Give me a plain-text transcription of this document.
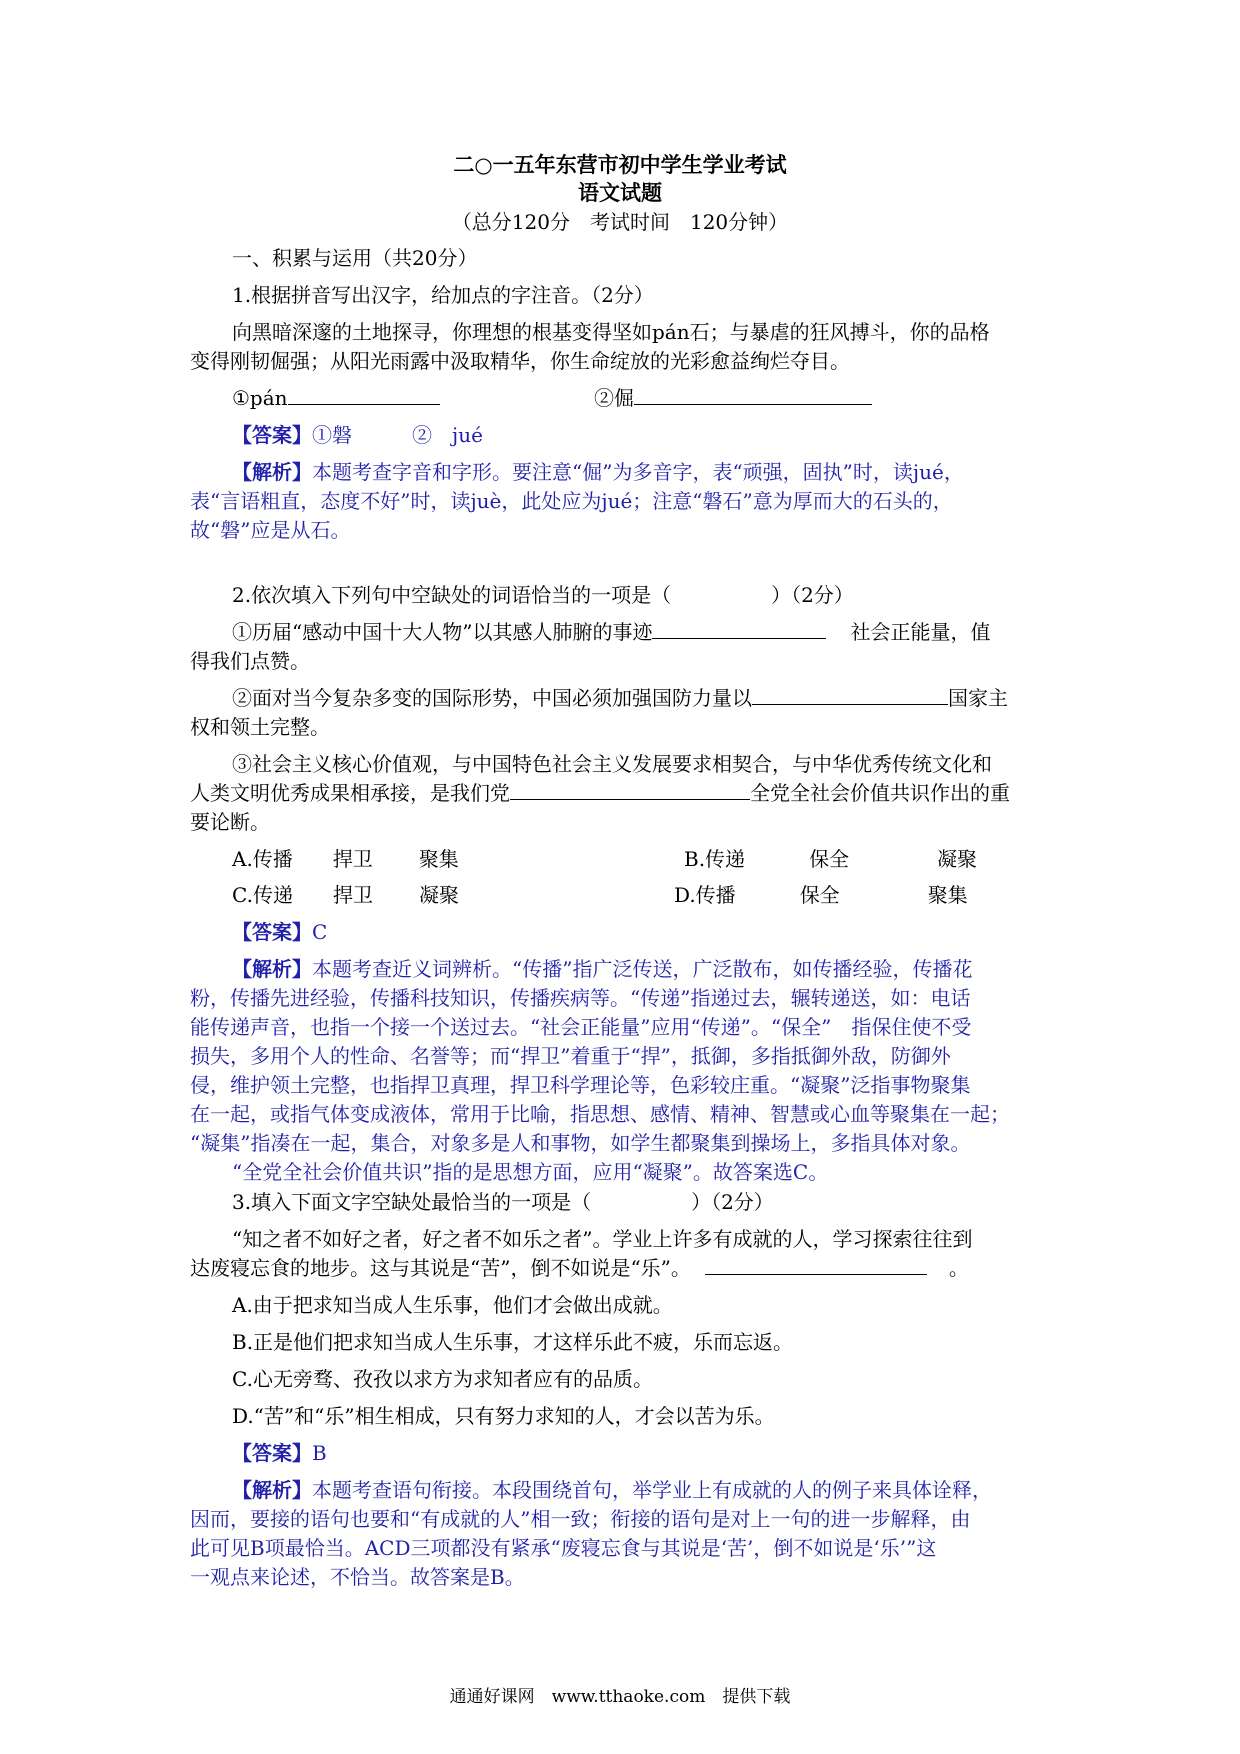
二○一五年东营市初中学生学业考试
语文试题
（总分120分　考试时间　120分钟）
一、积累与运用（共20分）
1.根据拼音写出汉字，给加点的字注音。（2分）
向黑暗深邃的土地探寻，你理想的根基变得坚如pán石；与暴虐的狂风搏斗，你的品格
变得刚韧倔强；从阳光雨露中汲取精华，你生命绽放的光彩愈益绚烂夺目。
①pán	②倔
【答案】①磐　　　②　jué
【解析】本题考查字音和字形。要注意“倔”为多音字，表“顽强，固执”时，读jué，
表“言语粗直，态度不好”时，读juè，此处应为jué；注意“磐石”意为厚而大的石头的，
故“磐”应是从石。
2.依次填入下列句中空缺处的词语恰当的一项是（　　　　　）（2分）
①历届“感动中国十大人物”以其感人肺腑的事迹	社会正能量，值
得我们点赞。
②面对当今复杂多变的国际形势，中国必须加强国防力量以	国家主
权和领土完整。
③社会主义核心价值观，与中国特色社会主义发展要求相契合，与中华优秀传统文化和
人类文明优秀成果相承接，是我们党	全党全社会价值共识作出的重
要论断。
A.传播 捍卫 聚集	B.传递	保全	凝聚
C.传递 捍卫 凝聚	D.传播	保全	聚集
【答案】C
【解析】本题考查近义词辨析。“传播”指广泛传送，广泛散布，如传播经验，传播花
粉，传播先进经验，传播科技知识，传播疾病等。“传递”指递过去，辗转递送，如：电话
能传递声音，也指一个接一个送过去。“社会正能量”应用“传递”。“保全”　指保住使不受
损失，多用个人的性命、名誉等；而“捍卫”着重于“捍”，抵御，多指抵御外敌，防御外
侵，维护领土完整，也指捍卫真理，捍卫科学理论等，色彩较庄重。“凝聚”泛指事物聚集
在一起，或指气体变成液体，常用于比喻，指思想、感情、精神、智慧或心血等聚集在一起；
“凝集”指凑在一起，集合，对象多是人和事物，如学生都聚集到操场上，多指具体对象。
“全党全社会价值共识”指的是思想方面，应用“凝聚”。故答案选C。
3.填入下面文字空缺处最恰当的一项是（　　　　　）（2分）
“知之者不如好之者，好之者不如乐之者”。学业上许多有成就的人，学习探索往往到
达废寝忘食的地步。这与其说是“苦”，倒不如说是“乐”。	。
A.由于把求知当成人生乐事，他们才会做出成就。
B.正是他们把求知当成人生乐事，才这样乐此不疲，乐而忘返。
C.心无旁骛、孜孜以求方为求知者应有的品质。
D.“苦”和“乐”相生相成，只有努力求知的人，才会以苦为乐。
【答案】B
【解析】本题考查语句衔接。本段围绕首句，举学业上有成就的人的例子来具体诠释，
因而，要接的语句也要和“有成就的人”相一致；衔接的语句是对上一句的进一步解释，由
此可见B项最恰当。ACD三项都没有紧承“废寝忘食与其说是‘苦’，倒不如说是‘乐’”这
一观点来论述，不恰当。故答案是B。
通通好课网　www.tthaoke.com　提供下载
